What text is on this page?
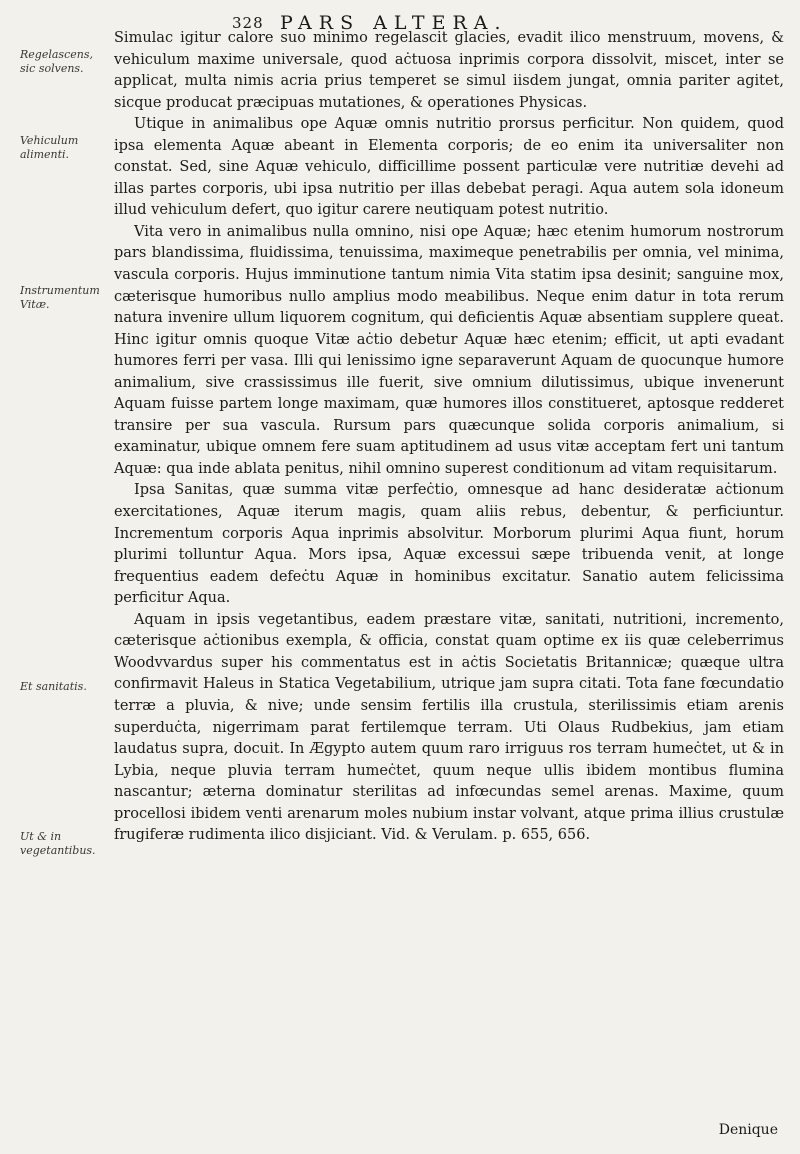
328 PARS ALTERA.
Regelascens, sic solvens.
Vehiculum alimenti.
Instrumentum Vitæ.
Et sanitatis.
Ut & in vegetantibus.

Simulac igitur calore suo minimo regelascit glacies, evadit ilico menstruum, movens, & vehiculum maxime universale, quod aċtuosa inprimis corpora dissolvit, miscet, inter se applicat, multa nimis acria prius temperet se simul iisdem jungat, omnia pariter agitet, sicque producat præcipuas mutationes, & operationes Physicas.

Utique in animalibus ope Aquæ omnis nutritio prorsus perficitur. Non quidem, quod ipsa elementa Aquæ abeant in Elementa corporis; de eo enim ita universaliter non constat. Sed, sine Aquæ vehiculo, difficillime possent particulæ vere nutritiæ devehi ad illas partes corporis, ubi ipsa nutritio per illas debebat peragi. Aqua autem sola idoneum illud vehiculum defert, quo igitur carere neutiquam potest nutritio.

Vita vero in animalibus nulla omnino, nisi ope Aquæ; hæc etenim humorum nostrorum pars blandissima, fluidissima, tenuissima, maximeque penetrabilis per omnia, vel minima, vascula corporis. Hujus imminutione tantum nimia Vita statim ipsa desinit; sanguine mox, cæterisque humoribus nullo amplius modo meabilibus. Neque enim datur in tota rerum natura invenire ullum liquorem cognitum, qui deficientis Aquæ absentiam supplere queat. Hinc igitur omnis quoque Vitæ aċtio debetur Aquæ hæc etenim; efficit, ut apti evadant humores ferri per vasa. Illi qui lenissimo igne separaverunt Aquam de quocunque humore animalium, sive crassissimus ille fuerit, sive omnium dilutissimus, ubique invenerunt Aquam fuisse partem longe maximam, quæ humores illos constitueret, aptosque redderet transire per sua vascula. Rursum pars quæcunque solida corporis animalium, si examinatur, ubique omnem fere suam aptitudinem ad usus vitæ acceptam fert uni tantum Aquæ: qua inde ablata penitus, nihil omnino superest conditionum ad vitam requisitarum.

Ipsa Sanitas, quæ summa vitæ perfeċtio, omnesque ad hanc desideratæ aċtionum exercitationes, Aquæ iterum magis, quam aliis rebus, debentur, & perficiuntur. Incrementum corporis Aqua inprimis absolvitur. Morborum plurimi Aqua fiunt, horum plurimi tolluntur Aqua. Mors ipsa, Aquæ excessui sæpe tribuenda venit, at longe frequentius eadem defeċtu Aquæ in hominibus excitatur. Sanatio autem felicissima perficitur Aqua.

Aquam in ipsis vegetantibus, eadem præstare vitæ, sanitati, nutritioni, incremento, cæterisque aċtionibus exempla, & officia, constat quam optime ex iis quæ celeberrimus Woodvvardus super his commentatus est in aċtis Societatis Britannicæ; quæque ultra confirmavit Haleus in Statica Vegetabilium, utrique jam supra citati. Tota fane fœcundatio terræ a pluvia, & nive; unde sensim fertilis illa crustula, sterilissimis etiam arenis superduċta, nigerrimam parat fertilemque terram. Uti Olaus Rudbekius, jam etiam laudatus supra, docuit. In Ægypto autem quum raro irriguus ros terram humeċtet, ut & in Lybia, neque pluvia terram humeċtet, quum neque ullis ibidem montibus flumina nascantur; æterna dominatur sterilitas ad infœcundas semel arenas. Maxime, quum procellosi ibidem venti arenarum moles nubium instar volvant, atque prima illius crustulæ frugiferæ rudimenta ilico disjiciant. Vid. & Verulam. p. 655, 656.

Denique
